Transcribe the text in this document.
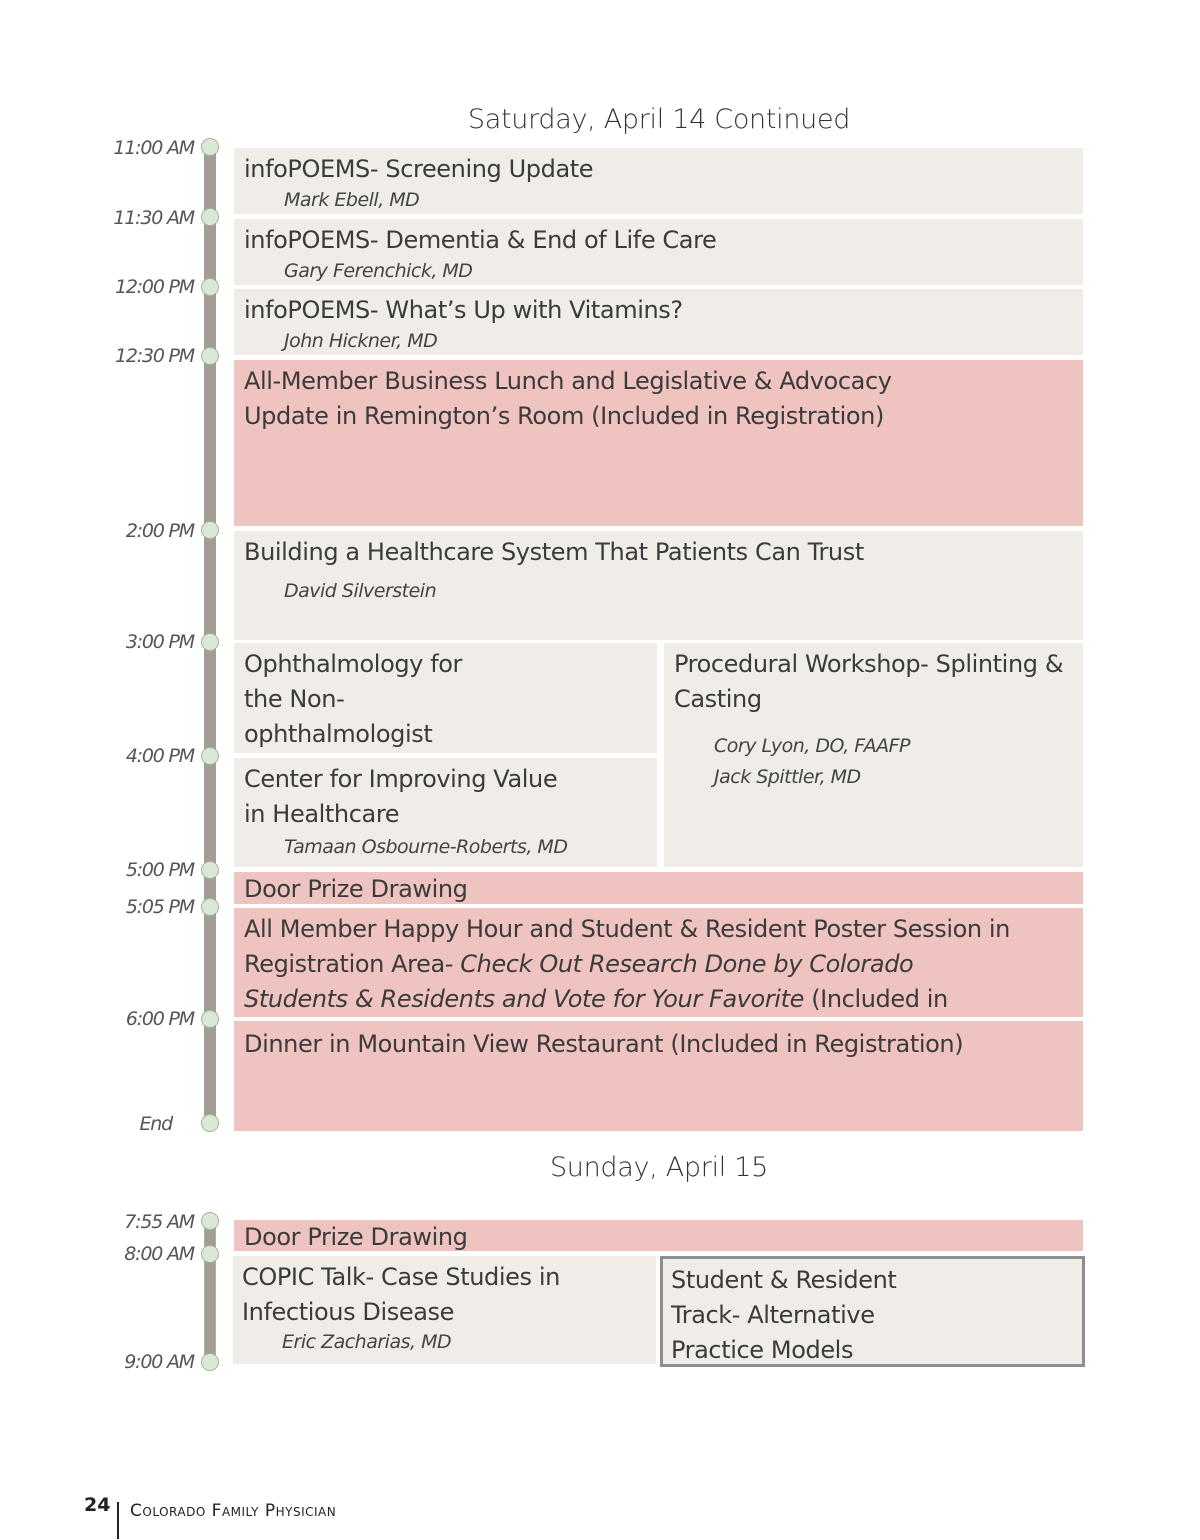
Saturday, April 14 Continued
11:00 AM
11:30 AM
12:00 PM
12:30 PM
2:00 PM
3:00 PM
4:00 PM
5:00 PM
5:05 PM
6:00 PM
End
infoPOEMS- Screening Update
Mark Ebell, MD
infoPOEMS- Dementia & End of Life Care
Gary Ferenchick, MD
infoPOEMS- What’s Up with Vitamins?
John Hickner, MD
All-Member Business Lunch and Legislative & Advocacy Update in Remington’s Room (Included in Registration)
Building a Healthcare System That Patients Can Trust
David Silverstein
Ophthalmology for the Non-ophthalmologist
Procedural Workshop- Splinting & Casting
Cory Lyon, DO, FAAFP
Jack Spittler, MD
Center for Improving Value in Healthcare
Tamaan Osbourne-Roberts, MD
Door Prize Drawing
All Member Happy Hour and Student & Resident Poster Session in Registration Area- Check Out Research Done by Colorado Students & Residents and Vote for Your Favorite (Included in
Dinner in Mountain View Restaurant (Included in Registration)
Sunday, April 15
7:55 AM
8:00 AM
9:00 AM
Door Prize Drawing
COPIC Talk- Case Studies in Infectious Disease
Eric Zacharias, MD
Student & Resident Track- Alternative Practice Models
24 Colorado Family Physician
